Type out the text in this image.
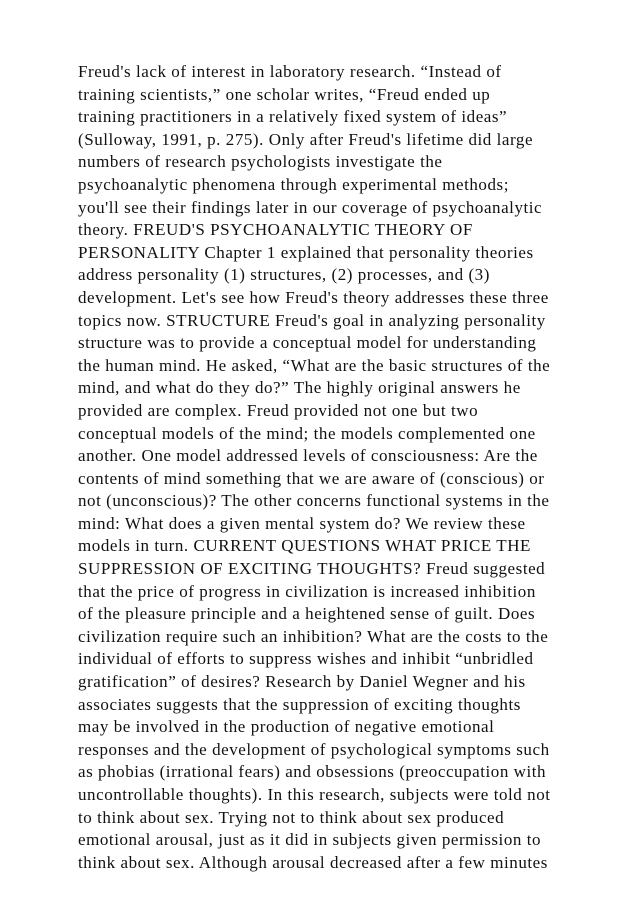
Freud's lack of interest in laboratory research. “Instead of
training scientists,” one scholar writes, “Freud ended up
training practitioners in a relatively fixed system of ideas”
(Sulloway, 1991, p. 275). Only after Freud's lifetime did large
numbers of research psychologists investigate the
psychoanalytic phenomena through experimental methods;
you'll see their findings later in our coverage of psychoanalytic
theory. FREUD'S PSYCHOANALYTIC THEORY OF
PERSONALITY Chapter 1 explained that personality theories
address personality (1) structures, (2) processes, and (3)
development. Let's see how Freud's theory addresses these three
topics now. STRUCTURE Freud's goal in analyzing personality
structure was to provide a conceptual model for understanding
the human mind. He asked, “What are the basic structures of the
mind, and what do they do?” The highly original answers he
provided are complex. Freud provided not one but two
conceptual models of the mind; the models complemented one
another. One model addressed levels of consciousness: Are the
contents of mind something that we are aware of (conscious) or
not (unconscious)? The other concerns functional systems in the
mind: What does a given mental system do? We review these
models in turn. CURRENT QUESTIONS WHAT PRICE THE
SUPPRESSION OF EXCITING THOUGHTS? Freud suggested
that the price of progress in civilization is increased inhibition
of the pleasure principle and a heightened sense of guilt. Does
civilization require such an inhibition? What are the costs to the
individual of efforts to suppress wishes and inhibit “unbridled
gratification” of desires? Research by Daniel Wegner and his
associates suggests that the suppression of exciting thoughts
may be involved in the production of negative emotional
responses and the development of psychological symptoms such
as phobias (irrational fears) and obsessions (preoccupation with
uncontrollable thoughts). In this research, subjects were told not
to think about sex. Trying not to think about sex produced
emotional arousal, just as it did in subjects given permission to
think about sex. Although arousal decreased after a few minutes
